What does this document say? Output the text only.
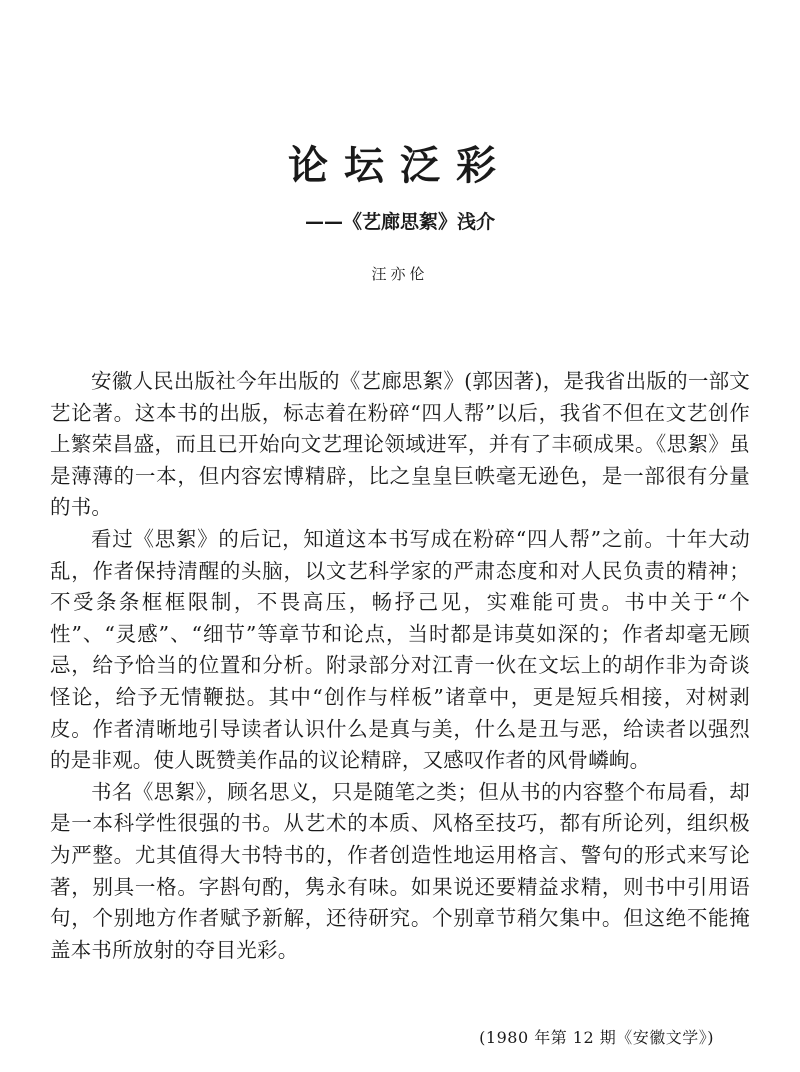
论坛泛彩
——《艺廊思絮》浅介
汪亦伦

安徽人民出版社今年出版的《艺廊思絮》(郭因著)，是我省出版的一部文艺论著。这本书的出版，标志着在粉碎“四人帮”以后，我省不但在文艺创作上繁荣昌盛，而且已开始向文艺理论领域进军，并有了丰硕成果。《思絮》虽是薄薄的一本，但内容宏博精辟，比之皇皇巨帙毫无逊色，是一部很有分量的书。

看过《思絮》的后记，知道这本书写成在粉碎“四人帮”之前。十年大动乱，作者保持清醒的头脑，以文艺科学家的严肃态度和对人民负责的精神；不受条条框框限制，不畏高压，畅抒己见，实难能可贵。书中关于“个性”、“灵感”、“细节”等章节和论点，当时都是讳莫如深的；作者却毫无顾忌，给予恰当的位置和分析。附录部分对江青一伙在文坛上的胡作非为奇谈怪论，给予无情鞭挞。其中“创作与样板”诸章中，更是短兵相接，对树剥皮。作者清晰地引导读者认识什么是真与美，什么是丑与恶，给读者以强烈的是非观。使人既赞美作品的议论精辟，又感叹作者的风骨嶙峋。

书名《思絮》，顾名思义，只是随笔之类；但从书的内容整个布局看，却是一本科学性很强的书。从艺术的本质、风格至技巧，都有所论列，组织极为严整。尤其值得大书特书的，作者创造性地运用格言、警句的形式来写论著，别具一格。字斟句酌，隽永有味。如果说还要精益求精，则书中引用语句，个别地方作者赋予新解，还待研究。个别章节稍欠集中。但这绝不能掩盖本书所放射的夺目光彩。

(1980 年第 12 期《安徽文学》)
